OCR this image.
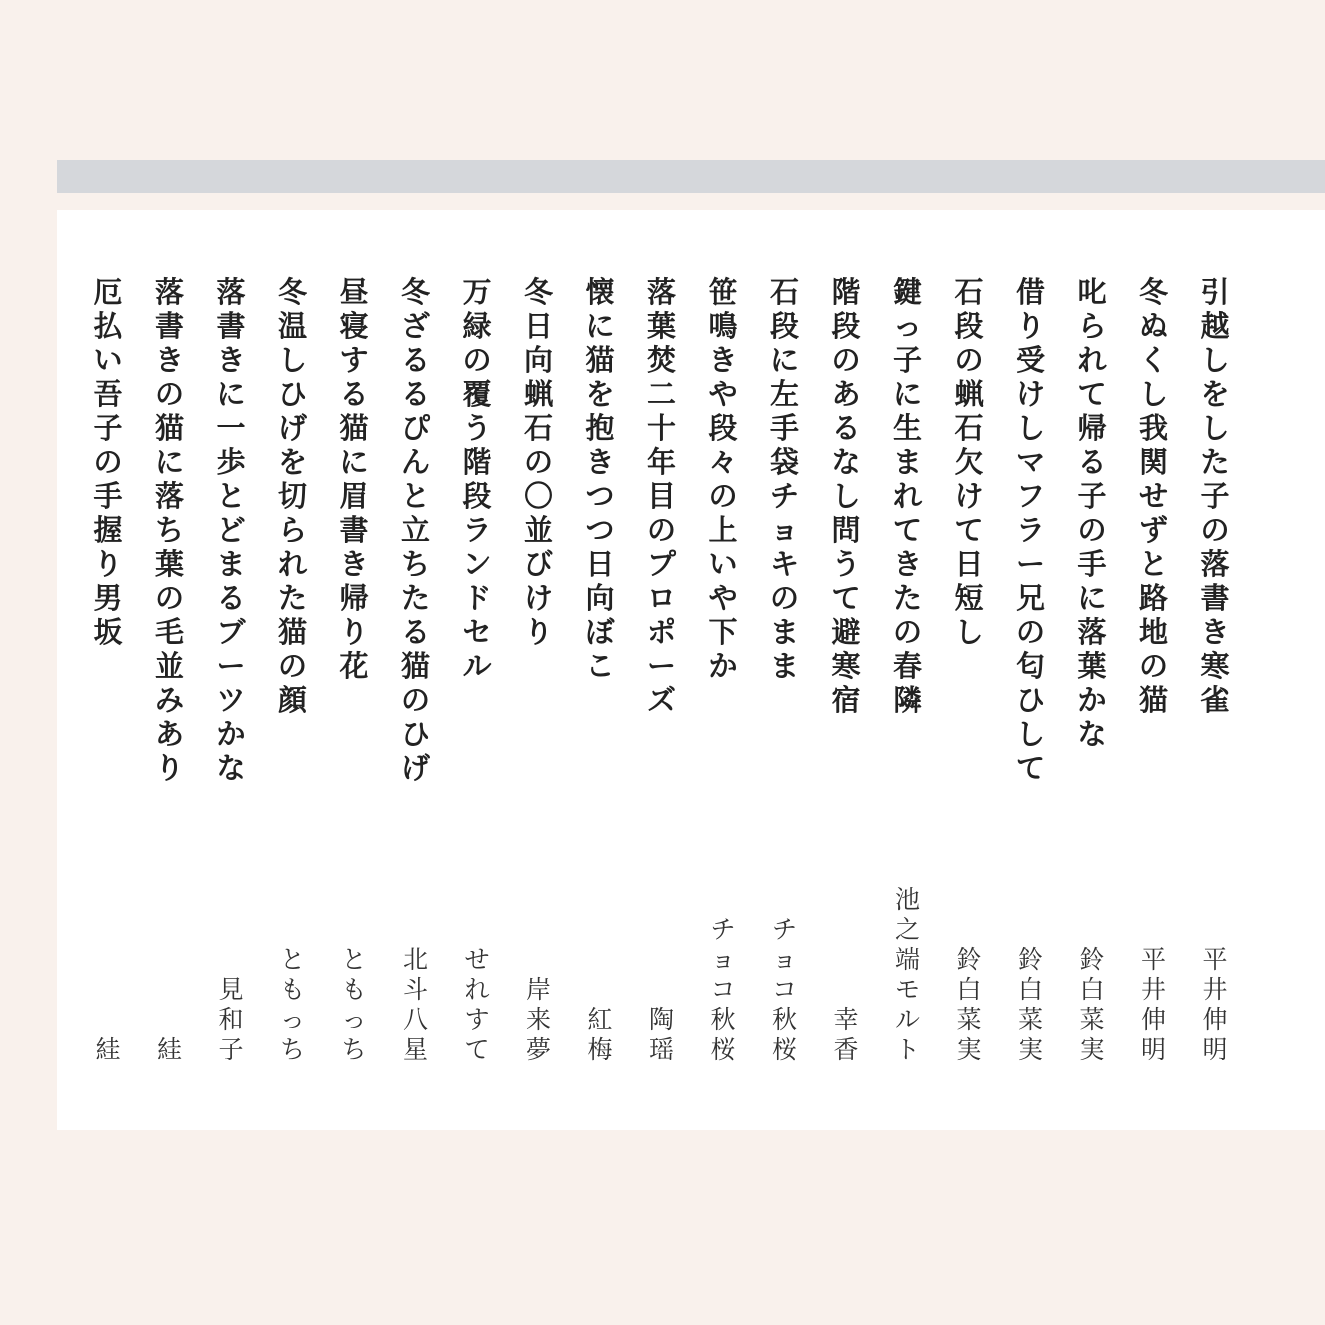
引
越
し
を
し
た
子
の
落
書
き
寒
雀
平
井
伸
明
冬
ぬ
く
し
我
関
せ
ず
と
路
地
の
猫
平
井
伸
明
叱
ら
れ
て
帰
る
子
の
手
に
落
葉
か
な
鈴
白
菜
実
借
り
受
け
し
マ
フ
ラ
ー
兄
の
匂
ひ
し
て
鈴
白
菜
実
石
段
の
蝋
石
欠
け
て
日
短
し
鈴
白
菜
実
鍵
っ
子
に
生
ま
れ
て
き
た
の
春
隣
池
之
端
モ
ル
ト
階
段
の
あ
る
な
し
問
う
て
避
寒
宿
幸
香
石
段
に
左
手
袋
チ
ョ
キ
の
ま
ま
チ
ョ
コ
秋
桜
笹
鳴
き
や
段
々
の
上
い
や
下
か
チ
ョ
コ
秋
桜
落
葉
焚
二
十
年
目
の
プ
ロ
ポ
ー
ズ
陶
瑶
懐
に
猫
を
抱
き
つ
つ
日
向
ぼ
こ
紅
梅
冬
日
向
蝋
石
の
〇
並
び
け
り
岸
来
夢
万
緑
の
覆
う
階
段
ラ
ン
ド
セ
ル
せ
れ
す
て
冬
ざ
る
る
ぴ
ん
と
立
ち
た
る
猫
の
ひ
げ
北
斗
八
星
昼
寝
す
る
猫
に
眉
書
き
帰
り
花
と
も
っ
ち
冬
温
し
ひ
げ
を
切
ら
れ
た
猫
の
顔
と
も
っ
ち
落
書
き
に
一
歩
と
ど
ま
る
ブ
ー
ツ
か
な
見
和
子
落
書
き
の
猫
に
落
ち
葉
の
毛
並
み
あ
り
絓
厄
払
い
吾
子
の
手
握
り
男
坂
絓
